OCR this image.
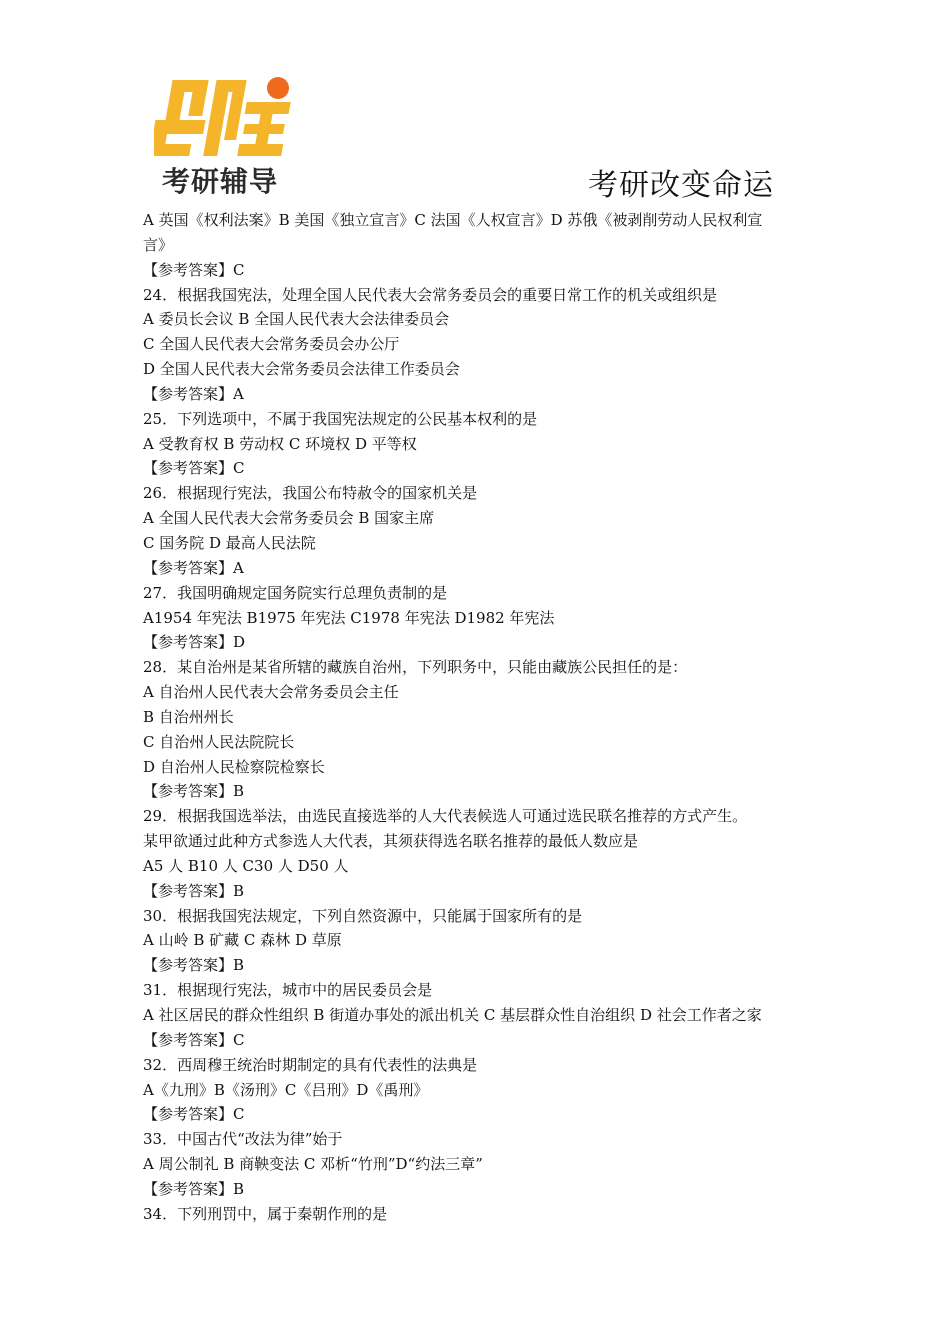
考研辅导	考研改变命运
A 英国《权利法案》B 美国《独立宣言》C 法国《人权宣言》D 苏俄《被剥削劳动人民权利宣
言》
【参考答案】C
24．根据我国宪法，处理全国人民代表大会常务委员会的重要日常工作的机关或组织是
A 委员长会议 B 全国人民代表大会法律委员会
C 全国人民代表大会常务委员会办公厅
D 全国人民代表大会常务委员会法律工作委员会
【参考答案】A
25．下列选项中，不属于我国宪法规定的公民基本权利的是
A 受教育权 B 劳动权 C 环境权 D 平等权
【参考答案】C
26．根据现行宪法，我国公布特赦令的国家机关是
A 全国人民代表大会常务委员会 B 国家主席
C 国务院 D 最高人民法院
【参考答案】A
27．我国明确规定国务院实行总理负责制的是
A1954 年宪法 B1975 年宪法 C1978 年宪法 D1982 年宪法
【参考答案】D
28．某自治州是某省所辖的藏族自治州，下列职务中，只能由藏族公民担任的是：
A 自治州人民代表大会常务委员会主任
B 自治州州长
C 自治州人民法院院长
D 自治州人民检察院检察长
【参考答案】B
29．根据我国选举法，由选民直接选举的人大代表候选人可通过选民联名推荐的方式产生。
某甲欲通过此种方式参选人大代表，其须获得选名联名推荐的最低人数应是
A5 人 B10 人 C30 人 D50 人
【参考答案】B
30．根据我国宪法规定，下列自然资源中，只能属于国家所有的是
A 山岭 B 矿藏 C 森林 D 草原
【参考答案】B
31．根据现行宪法，城市中的居民委员会是
A 社区居民的群众性组织 B 街道办事处的派出机关 C 基层群众性自治组织 D 社会工作者之家
【参考答案】C
32．西周穆王统治时期制定的具有代表性的法典是
A《九刑》B《汤刑》C《吕刑》D《禹刑》
【参考答案】C
33．中国古代“改法为律”始于
A 周公制礼 B 商鞅变法 C 邓析“竹刑”D“约法三章”
【参考答案】B
34．下列刑罚中，属于秦朝作刑的是
